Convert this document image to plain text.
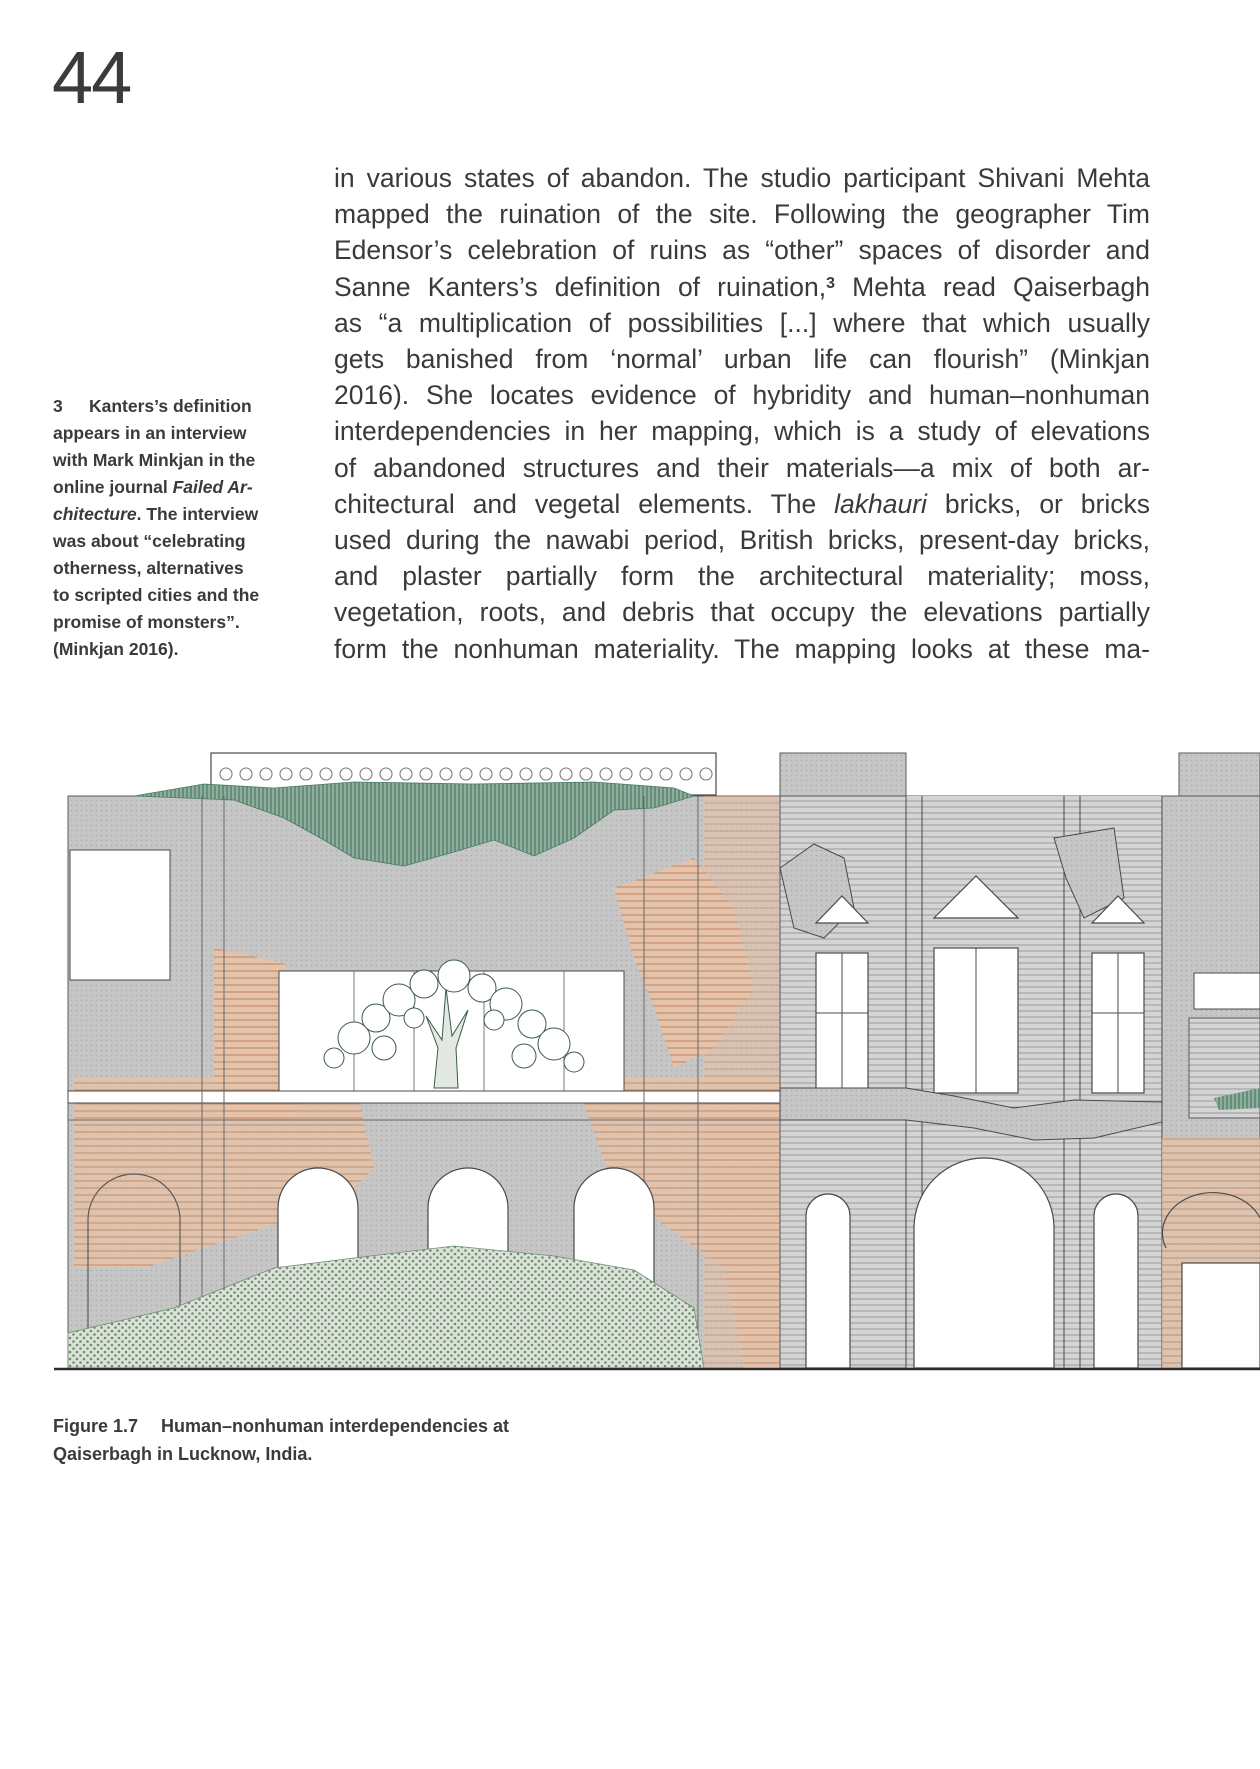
44
in various states of abandon. The studio participant Shivani Mehta
mapped the ruination of the site. Following the geographer Tim
Edensor’s celebration of ruins as “other” spaces of disorder and
Sanne Kanters’s definition of ruination,$^3$ Mehta read Qaiserbagh
as “a multiplication of possibilities [...] where that which usually
gets banished from ‘normal’ urban life can flourish” (Minkjan
2016). She locates evidence of hybridity and human–nonhuman
interdependencies in her mapping, which is a study of elevations
of abandoned structures and their materials—a mix of both ar-
chitectural and vegetal elements. The lakhauri bricks, or bricks
used during the nawabi period, British bricks, present-day bricks,
and plaster partially form the architectural materiality; moss,
vegetation, roots, and debris that occupy the elevations partially
form the nonhuman materiality. The mapping looks at these ma-
3 Kanters’s definition
appears in an interview
with Mark Minkjan in the
online journal Failed Ar-
chitecture. The interview
was about “celebrating
otherness, alternatives
to scripted cities and the
promise of monsters”.
(Minkjan 2016).
Figure 1.7 Human–nonhuman interdependencies at
Qaiserbagh in Lucknow, India.
